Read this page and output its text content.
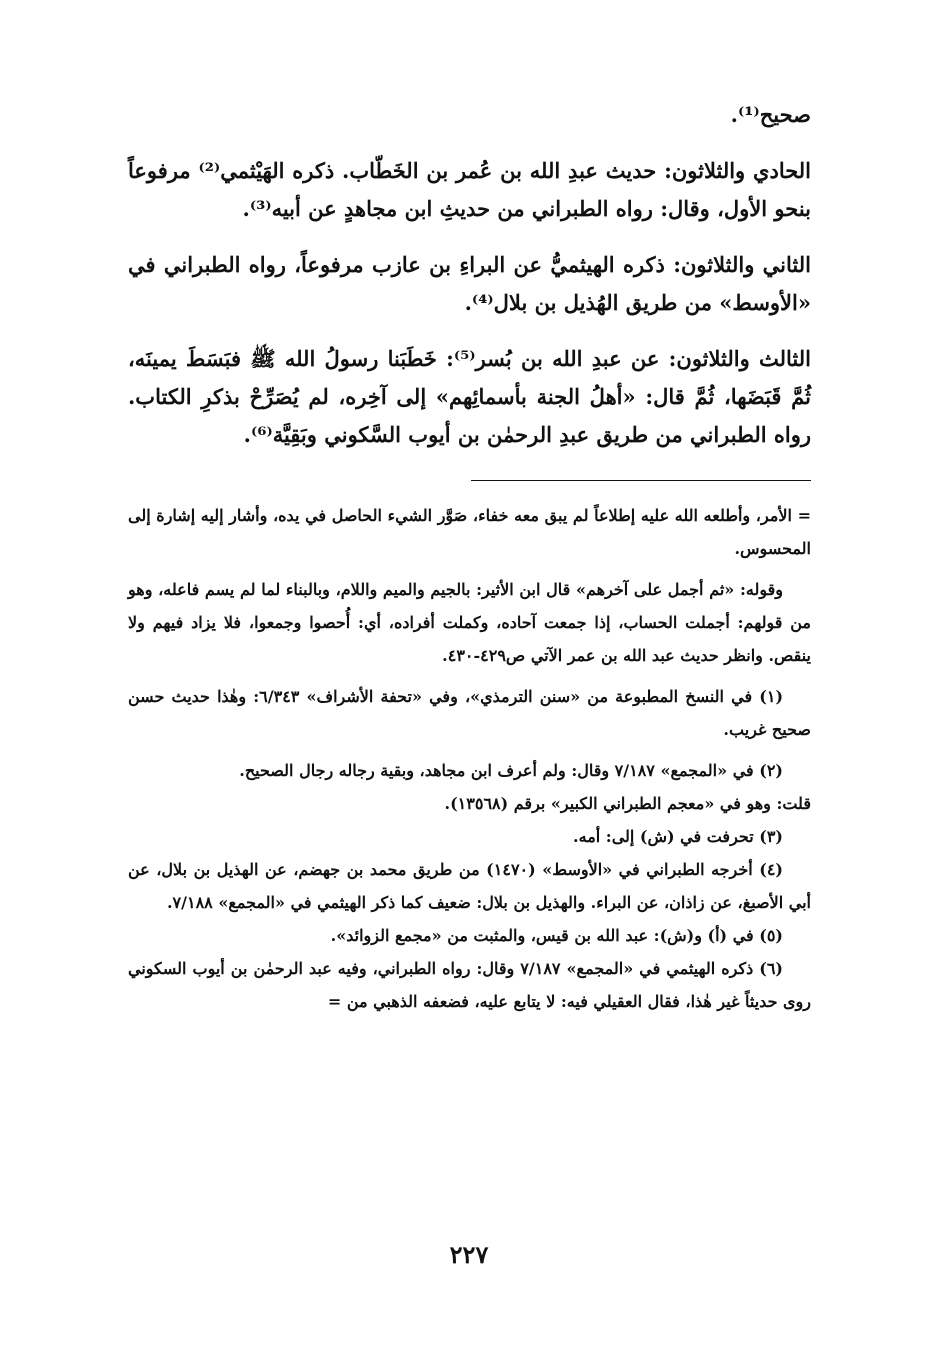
صحيح⁽¹⁾.

الحادي والثلاثون: حديث عبدِ الله بن عُمر بن الخَطّاب. ذكره الهَيْثمي⁽²⁾ مرفوعاً بنحو الأول، وقال: رواه الطبراني من حديثِ ابن مجاهدٍ عن أبيه⁽³⁾.

الثاني والثلاثون: ذكره الهيثميُّ عن البراءِ بن عازب مرفوعاً، رواه الطبراني في «الأوسط» من طريق الهُذيل بن بلال⁽⁴⁾.

الثالث والثلاثون: عن عبدِ الله بن بُسر⁽⁵⁾: خَطَبَنا رسولُ الله ﷺ فبَسَطَ يمينَه، ثُمَّ قَبَضَها، ثُمَّ قال: «أهلُ الجنة بأسمائِهم» إلى آخِره، لم يُصَرِّحْ بذكرِ الكتاب. رواه الطبراني من طريق عبدِ الرحمٰن بن أيوب السَّكوني وبَقِيَّة⁽⁶⁾.

= الأمر، وأطلعه الله عليه إطلاعاً لم يبق معه خفاء، صَوَّر الشيء الحاصل في يده، وأشار إليه إشارة إلى المحسوس.

وقوله: «ثم أجمل على آخرهم» قال ابن الأثير: بالجيم والميم واللام، وبالبناء لما لم يسم فاعله، وهو من قولهم: أجملت الحساب، إذا جمعت آحاده، وكملت أفراده، أي: أُحصوا وجمعوا، فلا يزاد فيهم ولا ينقص. وانظر حديث عبد الله بن عمر الآتي ص٤٢٩-٤٣٠.

(١) في النسخ المطبوعة من «سنن الترمذي»، وفي «تحفة الأشراف» ٦/٣٤٣: وهٰذا حديث حسن صحيح غريب.

(٢) في «المجمع» ٧/١٨٧ وقال: ولم أعرف ابن مجاهد، وبقية رجاله رجال الصحيح.

قلت: وهو في «معجم الطبراني الكبير» برقم (١٣٥٦٨).

(٣) تحرفت في (ش) إلى: أمه.

(٤) أخرجه الطبراني في «الأوسط» (١٤٧٠) من طريق محمد بن جهضم، عن الهذيل بن بلال، عن أبي الأصبغ، عن زاذان، عن البراء. والهذيل بن بلال: ضعيف كما ذكر الهيثمي في «المجمع» ٧/١٨٨.

(٥) في (أ) و(ش): عبد الله بن قيس، والمثبت من «مجمع الزوائد».

(٦) ذكره الهيثمي في «المجمع» ٧/١٨٧ وقال: رواه الطبراني، وفيه عبد الرحمٰن بن أيوب السكوني روى حديثاً غير هٰذا، فقال العقيلي فيه: لا يتابع عليه، فضعفه الذهبي من =

٢٢٧
